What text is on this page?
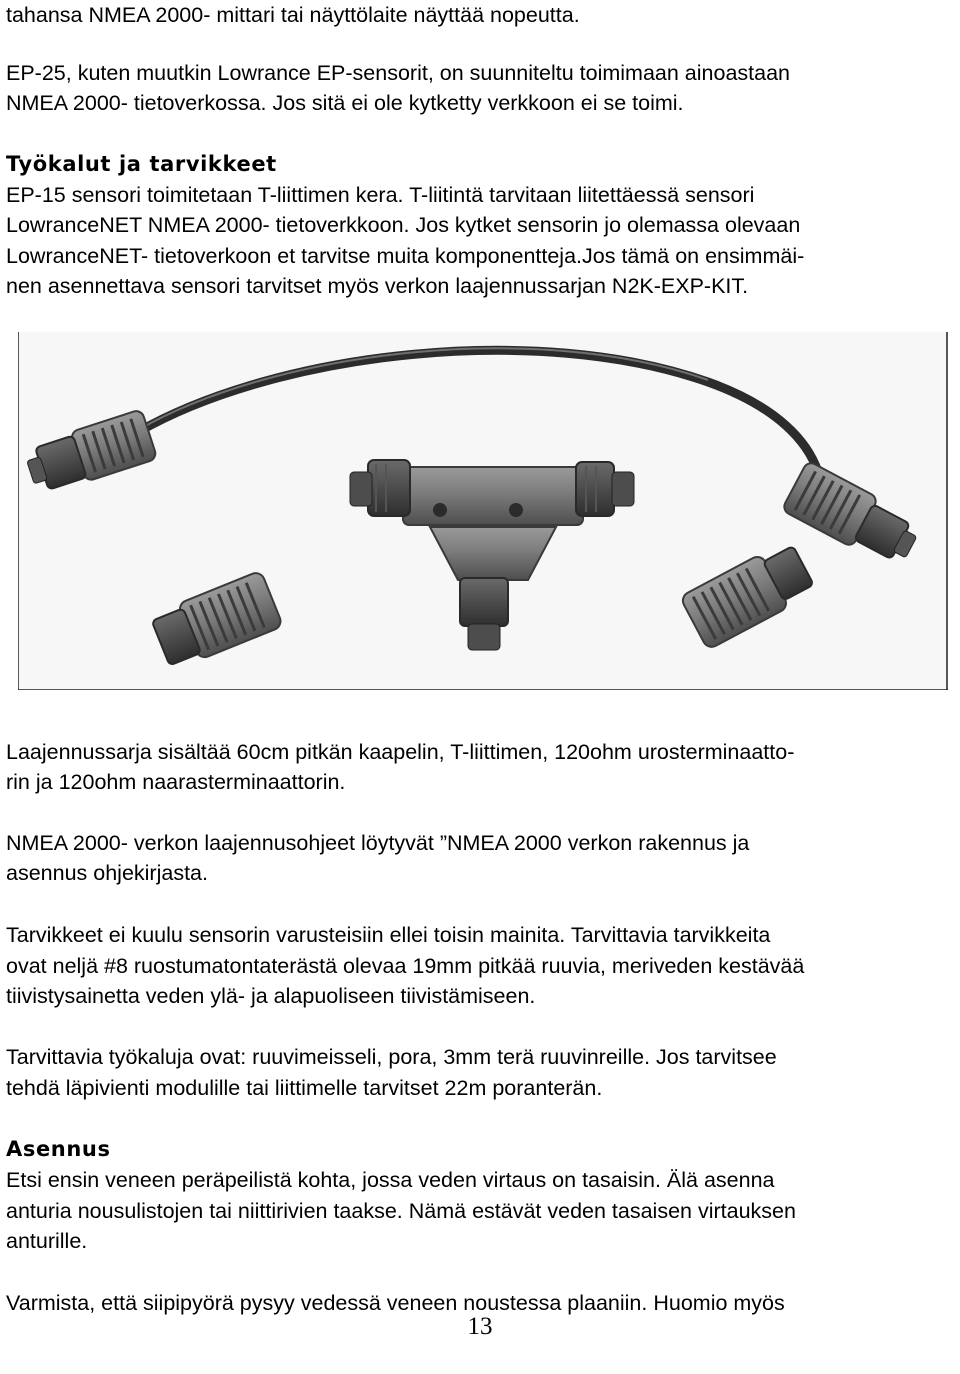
tahansa NMEA 2000- mittari tai näyttölaite näyttää nopeutta.

EP-25, kuten muutkin Lowrance EP-sensorit, on suunniteltu toimimaan ainoastaan

NMEA 2000- tietoverkossa. Jos sitä ei ole kytketty verkkoon ei se toimi.

Työkalut ja tarvikkeet

EP-15 sensori toimitetaan T-liittimen kera. T-liitintä tarvitaan liitettäessä sensori

LowranceNET NMEA 2000- tietoverkkoon. Jos kytket sensorin jo olemassa olevaan

LowranceNET- tietoverkoon et tarvitse muita komponentteja.Jos tämä on ensimmäi-

nen asennettava sensori tarvitset myös verkon laajennussarjan N2K-EXP-KIT.

Laajennussarja sisältää 60cm pitkän kaapelin, T-liittimen, 120ohm urosterminaatto-

rin ja 120ohm naarasterminaattorin.

NMEA 2000- verkon laajennusohjeet löytyvät ”NMEA 2000 verkon rakennus ja

asennus ohjekirjasta.

Tarvikkeet ei kuulu sensorin varusteisiin ellei toisin mainita. Tarvittavia tarvikkeita

ovat neljä #8 ruostumatontaterästä olevaa 19mm pitkää ruuvia, meriveden kestävää

tiivistysainetta veden ylä- ja alapuoliseen tiivistämiseen.

Tarvittavia työkaluja ovat: ruuvimeisseli, pora, 3mm terä ruuvinreille. Jos tarvitsee

tehdä läpivienti modulille tai liittimelle tarvitset 22m poranterän.

Asennus

Etsi ensin veneen peräpeilistä kohta, jossa veden virtaus on tasaisin. Älä asenna

anturia nousulistojen tai niittirivien taakse. Nämä estävät veden tasaisen virtauksen

anturille.

Varmista, että siipipyörä pysyy vedessä veneen noustessa plaaniin. Huomio myös

13
